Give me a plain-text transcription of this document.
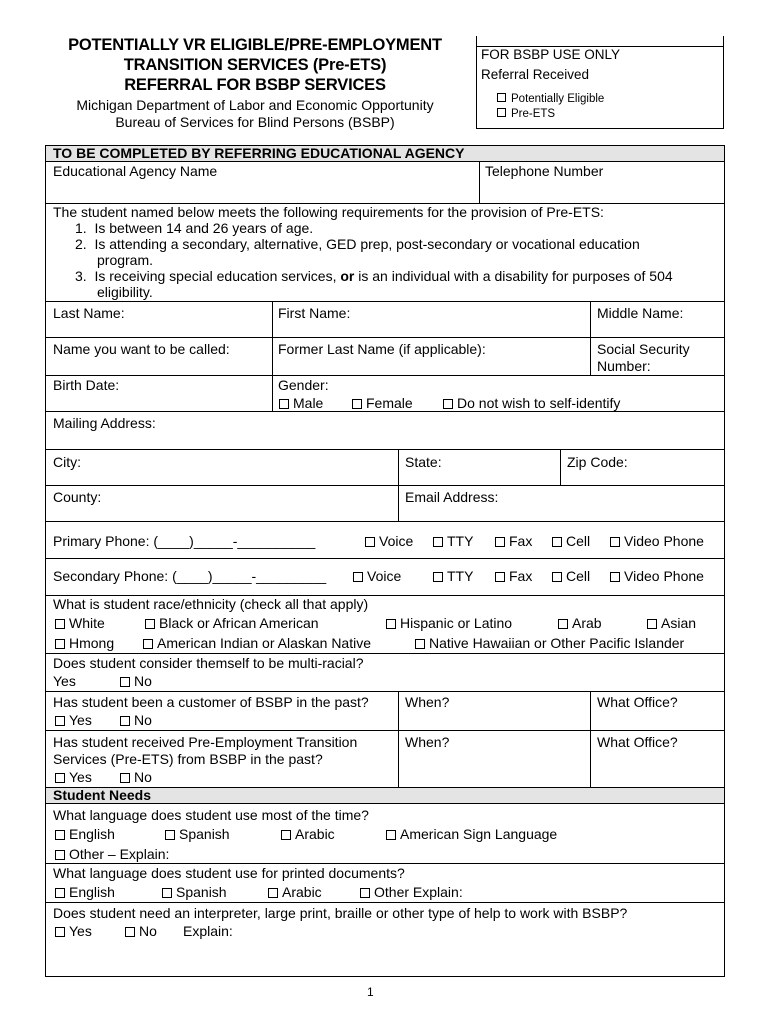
POTENTIALLY VR ELIGIBLE/PRE-EMPLOYMENT
TRANSITION SERVICES (Pre-ETS)
REFERRAL FOR BSBP SERVICES
Michigan Department of Labor and Economic Opportunity
Bureau of Services for Blind Persons (BSBP)
FOR BSBP USE ONLY
Referral Received
Potentially Eligible
Pre-ETS
TO BE COMPLETED BY REFERRING EDUCATIONAL AGENCY
Educational Agency Name	Telephone Number
The student named below meets the following requirements for the provision of Pre-ETS:
1.  Is between 14 and 26 years of age.
2.  Is attending a secondary, alternative, GED prep, post-secondary or vocational education
program.
3.  Is receiving special education services, or is an individual with a disability for purposes of 504
eligibility.
Last Name:	First Name:	Middle Name:
Name you want to be called:	Former Last Name (if applicable):	Social Security
Number:
Birth Date:	Gender:
Male	Female	Do not wish to self-identify
Mailing Address:
City:	State:	Zip Code:
County:	Email Address:
Primary Phone: (____)_____-__________	Voice	TTY	Fax	Cell	Video Phone
Secondary Phone: (____)_____-_________	Voice	TTY	Fax	Cell	Video Phone
What is student race/ethnicity (check all that apply)
White	Black or African American	Hispanic or Latino	Arab	Asian
Hmong	American Indian or Alaskan Native	Native Hawaiian or Other Pacific Islander
Does student consider themself to be multi-racial?
Yes	No
Has student been a customer of BSBP in the past?	When?	What Office?
Yes	No
Has student received Pre-Employment Transition
Services (Pre-ETS) from BSBP in the past?
When?	What Office?
Yes	No
Student Needs
What language does student use most of the time?
English	Spanish	Arabic	American Sign Language
Other – Explain:
What language does student use for printed documents?
English	Spanish	Arabic	Other Explain:
Does student need an interpreter, large print, braille or other type of help to work with BSBP?
Yes	No Explain:
1
